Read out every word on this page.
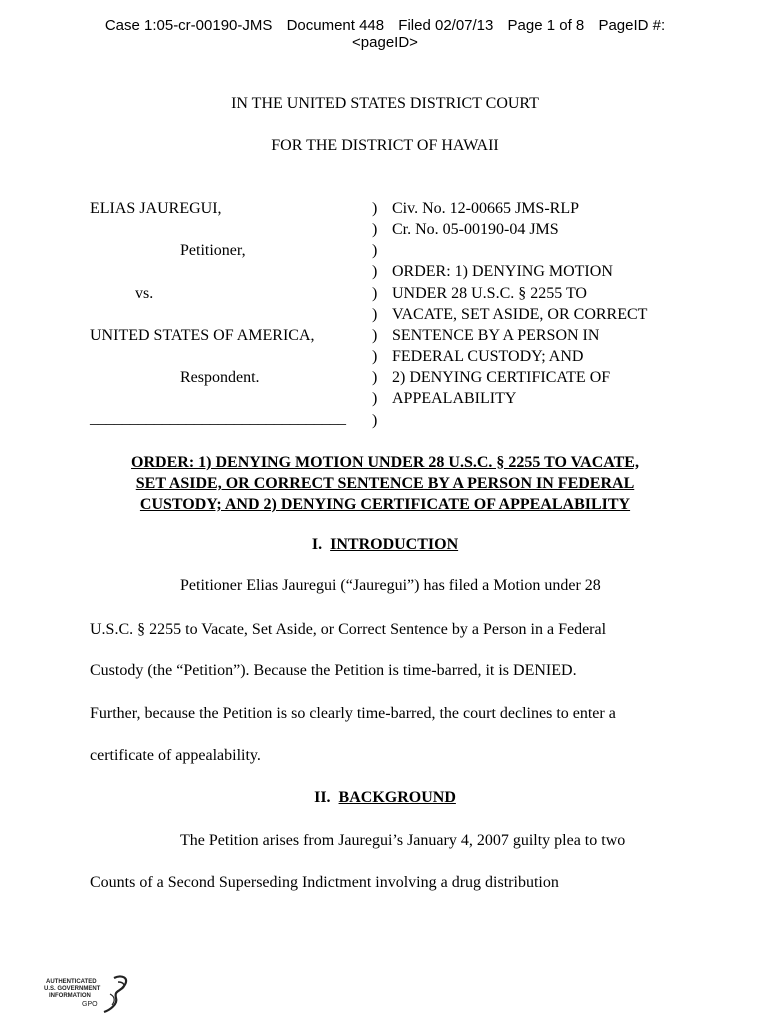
Case 1:05-cr-00190-JMS Document 448 Filed 02/07/13 Page 1 of 8 PageID #:
<pageID>
IN THE UNITED STATES DISTRICT COURT
FOR THE DISTRICT OF HAWAII
ELIAS JAUREGUI,
Petitioner,
vs.
UNITED STATES OF AMERICA,
Respondent.
________________________________
)
)
)
)
)
)
)
)
)
)
)
Civ. No. 12-00665 JMS-RLP
Cr. No. 05-00190-04 JMS
ORDER: 1) DENYING MOTION
UNDER 28 U.S.C. § 2255 TO
VACATE, SET ASIDE, OR CORRECT
SENTENCE BY A PERSON IN
FEDERAL CUSTODY; AND
2) DENYING CERTIFICATE OF
APPEALABILITY
ORDER: 1) DENYING MOTION UNDER 28 U.S.C. § 2255 TO VACATE,
SET ASIDE, OR CORRECT SENTENCE BY A PERSON IN FEDERAL
CUSTODY; AND 2) DENYING CERTIFICATE OF APPEALABILITY
I. INTRODUCTION
Petitioner Elias Jauregui (“Jauregui”) has filed a Motion under 28
U.S.C. § 2255 to Vacate, Set Aside, or Correct Sentence by a Person in a Federal
Custody (the “Petition”). Because the Petition is time-barred, it is DENIED.
Further, because the Petition is so clearly time-barred, the court declines to enter a
certificate of appealability.
II. BACKGROUND
The Petition arises from Jauregui’s January 4, 2007 guilty plea to two
Counts of a Second Superseding Indictment involving a drug distribution
AUTHENTICATED
U.S. GOVERNMENT
INFORMATION
GPO
